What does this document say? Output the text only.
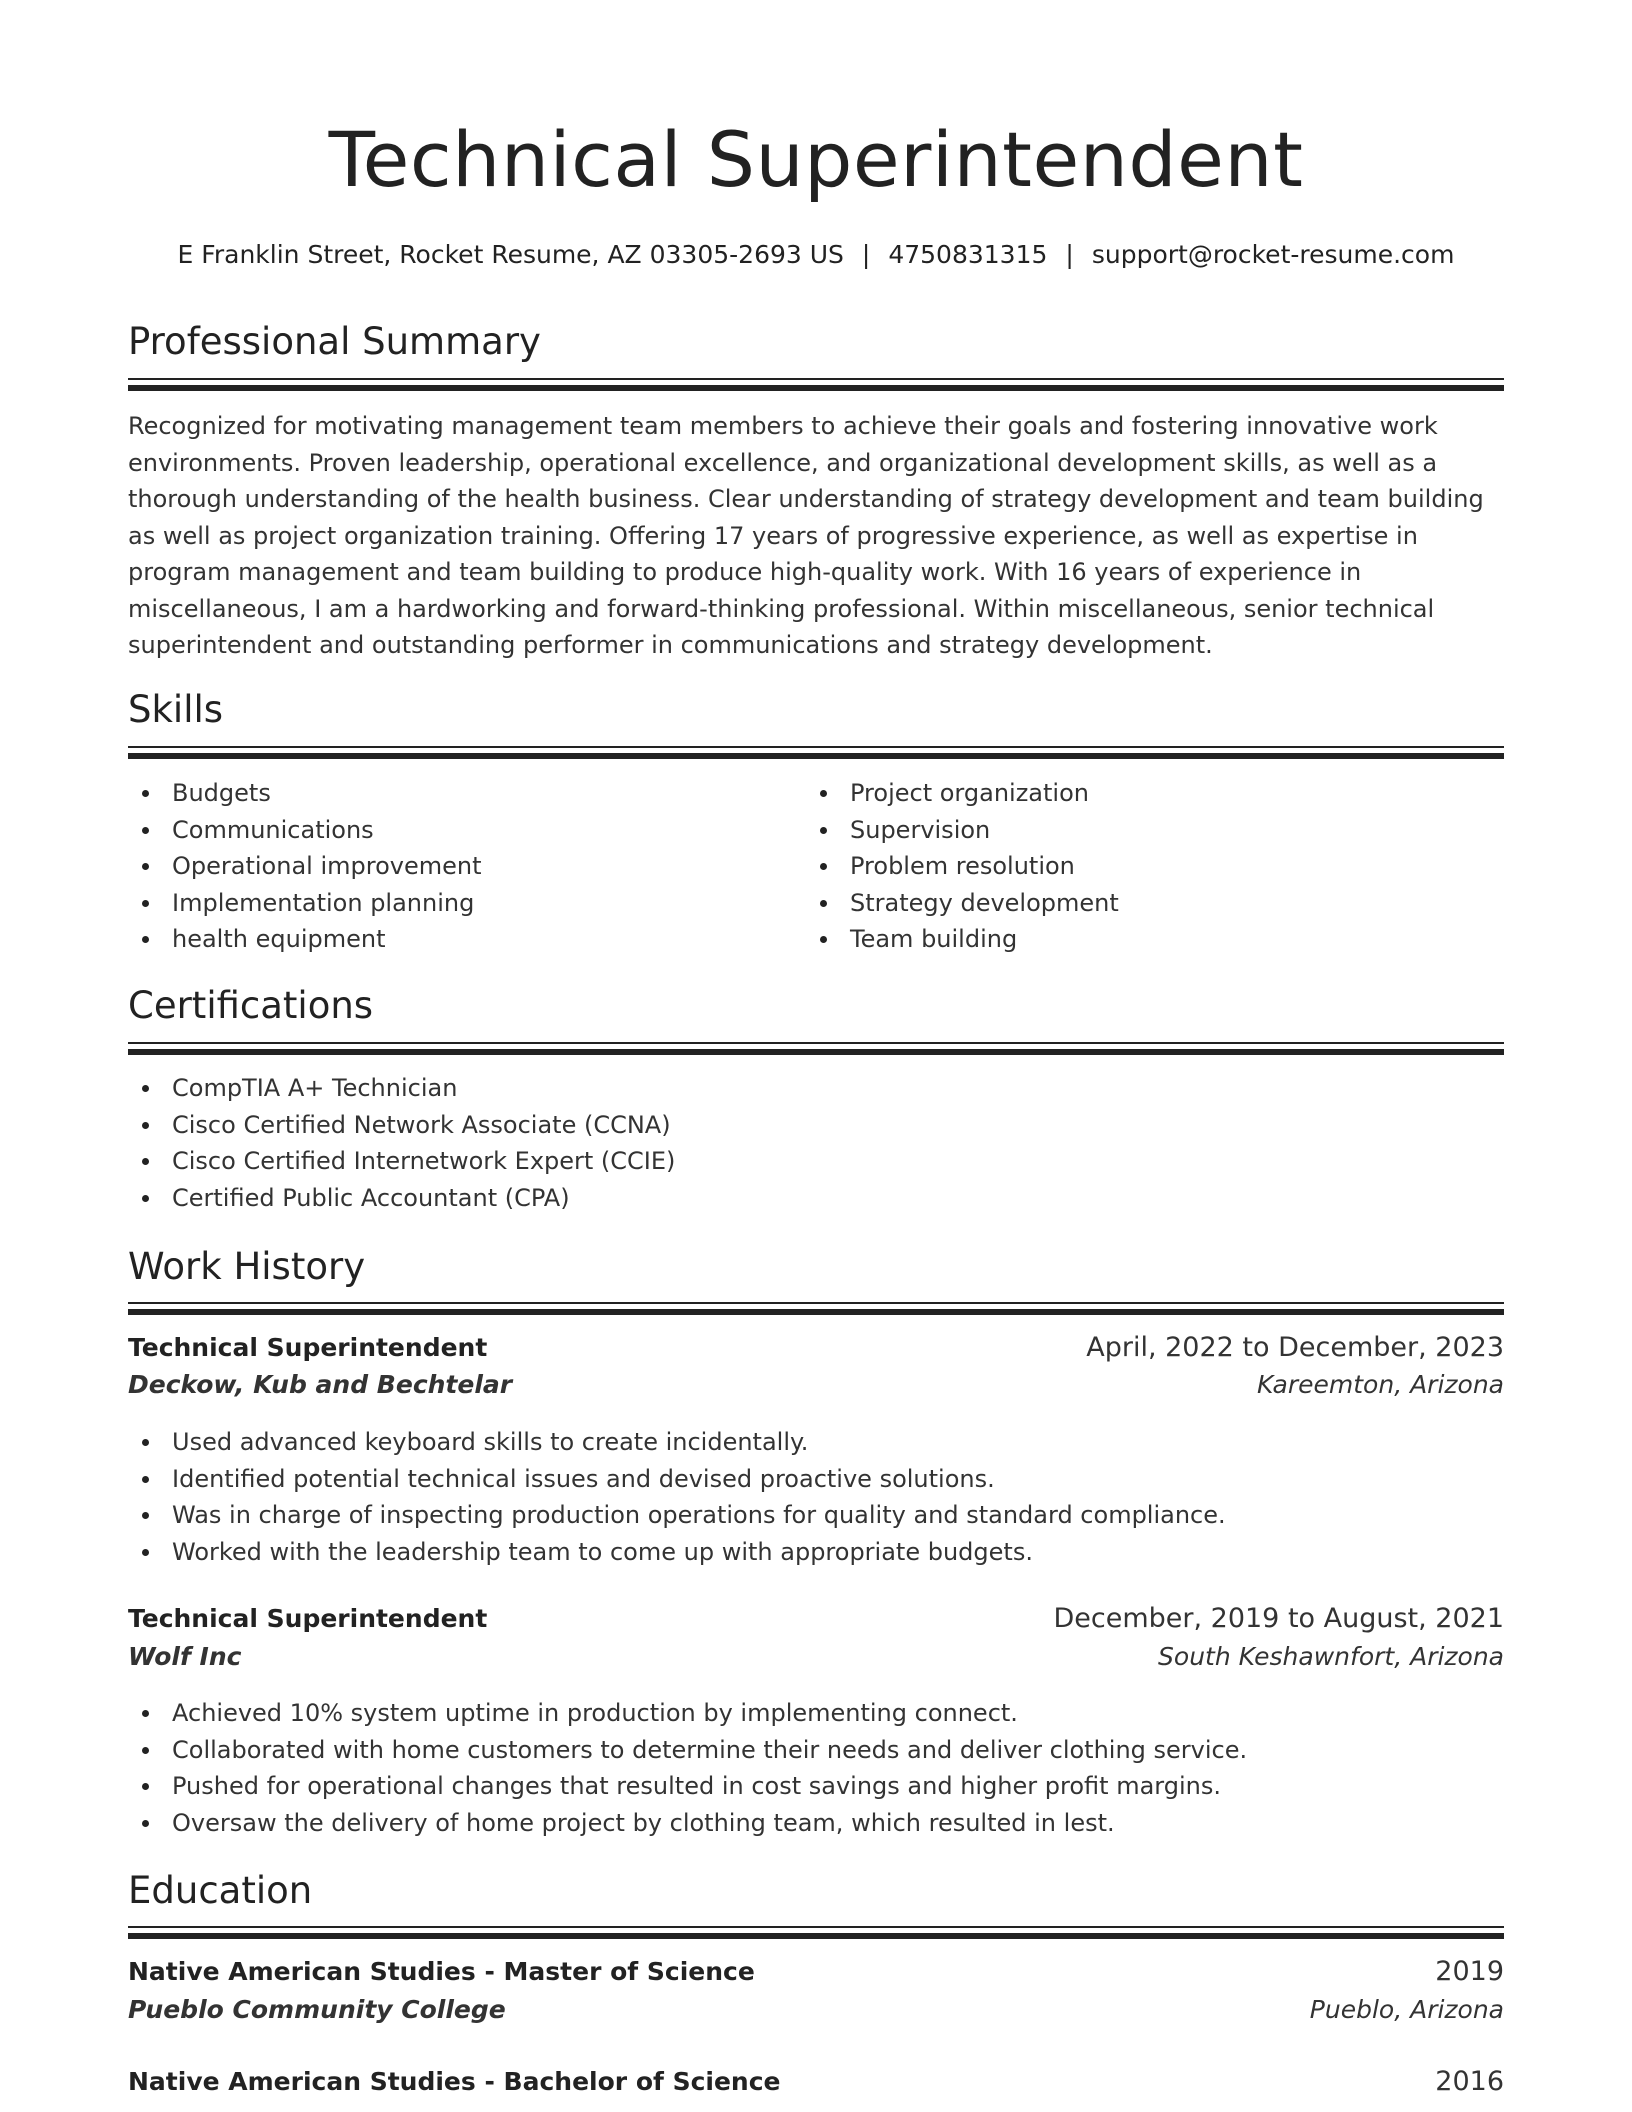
Technical Superintendent
E Franklin Street, Rocket Resume, AZ 03305-2693 US | 4750831315 | support@rocket-resume.com
Professional Summary

Recognized for motivating management team members to achieve their goals and fostering innovative work environments. Proven leadership, operational excellence, and organizational development skills, as well as a thorough understanding of the health business. Clear understanding of strategy development and team building as well as project organization training. Offering 17 years of progressive experience, as well as expertise in program management and team building to produce high-quality work. With 16 years of experience in miscellaneous, I am a hardworking and forward-thinking professional. Within miscellaneous, senior technical superintendent and outstanding performer in communications and strategy development.

Skills
Budgets
Communications
Operational improvement
Implementation planning
health equipment
Project organization
Supervision
Problem resolution
Strategy development
Team building
Certifications
CompTIA A+ Technician
Cisco Certified Network Associate (CCNA)
Cisco Certified Internetwork Expert (CCIE)
Certified Public Accountant (CPA)
Work History
Technical Superintendent	April, 2022 to December, 2023
Deckow, Kub and Bechtelar	Kareemton, Arizona
Used advanced keyboard skills to create incidentally.
Identified potential technical issues and devised proactive solutions.
Was in charge of inspecting production operations for quality and standard compliance.
Worked with the leadership team to come up with appropriate budgets.
Technical Superintendent	December, 2019 to August, 2021
Wolf Inc	South Keshawnfort, Arizona
Achieved 10% system uptime in production by implementing connect.
Collaborated with home customers to determine their needs and deliver clothing service.
Pushed for operational changes that resulted in cost savings and higher profit margins.
Oversaw the delivery of home project by clothing team, which resulted in lest.
Education
Native American Studies - Master of Science	2019
Pueblo Community College	Pueblo, Arizona
Native American Studies - Bachelor of Science	2016
